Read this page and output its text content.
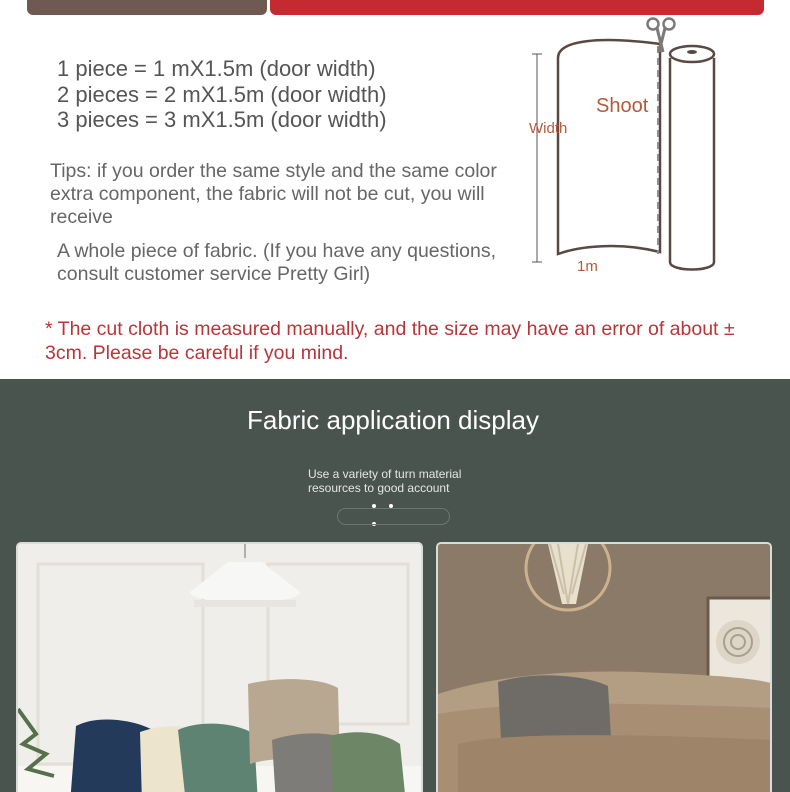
1 piece = 1 mX1.5m (door width)
2 pieces = 2 mX1.5m (door width)
3 pieces = 3 mX1.5m (door width)
Tips: if you order the same style and the same color extra component, the fabric will not be cut, you will receive
A whole piece of fabric. (If you have any questions, consult customer service Pretty Girl)
* The cut cloth is measured manually, and the size may have an error of about ± 3cm. Please be careful if you mind.
Width
Shoot
1m
Fabric application display
Use a variety of turn material resources to good account
